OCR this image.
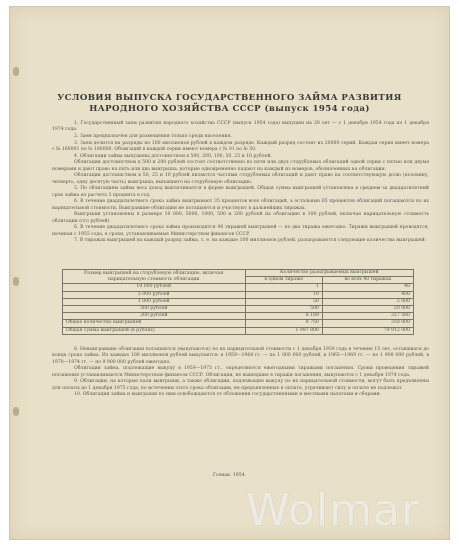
УСЛОВИЯ ВЫПУСКА ГОСУДАРСТВЕННОГО ЗАЙМА РАЗВИТИЯ
НАРОДНОГО ХОЗЯЙСТВА СССР (выпуск 1954 года)

1. Государственный заем развития народного хозяйства СССР (выпуск 1954 года) выпущен на 20 лет — с 1 декабря 1954 года по 1 декабря 1974 года.

2. Заем предназначен для размещения только среди населения.

3. Заем делится на разряды по 100 миллионов рублей в каждом разряде. Каждый разряд состоит из 20000 серий. Каждая серия имеет номера с № 160001 по № 180000. Облигаций в каждой серии имеют номера с № 01 по № 50.

4. Облигации займа выпущены достоинством в 500, 200, 100, 50, 25 и 10 рублей.

Облигации достоинством в 500 и 200 рублей состоят соответственно из пяти или двух сторублевых облигаций одной серии с пятью или двумя номерами и дают право на пять или два выигрыша, которые одновременно падают на каждый из номеров, обозначенных на облигации.

Облигации достоинством в 50, 25 и 10 рублей являются частями сторублевых облигаций и дают право на соответствующую долю (половину, четверть, одну десятую часть) выигрыша, выпавшего на сторублевую облигацию.

5. По облигациям займа весь доход выплачивается в форме выигрышей. Общая сумма выигрышей установлена в среднем за двадцатилетний срок займа из расчета 3 процента в год.

6. В течение двадцатилетнего срока займа выигрывают 35 процентов всех облигаций, а остальные 65 процентов облигаций погашаются по их нарицательной стоимости. Выигравшие облигации не погашаются и участвуют в дальнейших тиражах.

Выигрыши установлены в размере 10 000, 5000, 1000, 500 и 200 рублей на облигацию в 100 рублей, включая нарицательную стоимость облигации (сто рублей).

6. В течение двадцатилетнего срока займа производится 40 тиражей выигрышей — по два тиража ежегодно. Тиражи выигрышей проводятся, начиная с 1955 года, в сроки, устанавливаемые Министерством финансов СССР.

7. В тиражах выигрышей на каждый разряд займа, т. е. на каждые 100 миллионов рублей, разыгрываются следующие количества выигрышей:

Размер выигрышей на сторублевую облигацию, включая нарицательную стоимость облигации	Количество разыгрываемых выигрышей	
	в одном тираже	во всех 40 тиражах
10 000 рублей	1	40
5 000 рублей	10	400
1 000 рублей	50	2 000
500 рублей	500	20 000
200 рублей	8 189	327 560
Общее количество выигрышей	8 750	350 000
Общая сумма выигрышей (в рублях)	1 997 800	79 912 000

8. Невыигравшие облигации погашаются (выкупаются) по их нарицательной стоимости с 1 декабря 1959 года в течение 15 лет, оставшихся до конца срока займа. Из каждых 100 миллионов рублей выкупается: в 1959—1964 гг. — по 1 000 000 рублей, в 1965—1969 гг. — по 1 900 000 рублей, в 1970—1974 гг. — по 9 900 000 рублей ежегодно.

Облигации займа, подлежащие выкупу в 1959—1973 гг., определяются ежегодными тиражами погашения. Сроки проведения тиражей погашения устанавливаются Министерством финансов СССР. Облигации, не вышедшие в тиражи погашения, выкупаются с 1 декабря 1974 года.

9. Облигации, на которые пали выигрыши, а также облигации, подлежащие выкупу по их нарицательной стоимости, могут быть предъявлены для оплаты до 1 декабря 1975 года; по истечении этого срока облигации, не предъявленные к оплате, утрачивают силу и оплате не подлежат.

10. Облигации займа и выигрыши по ним освобождаются от обложения государственными и местными налогами и сборами.

Гознак. 1954.
Wolmar
